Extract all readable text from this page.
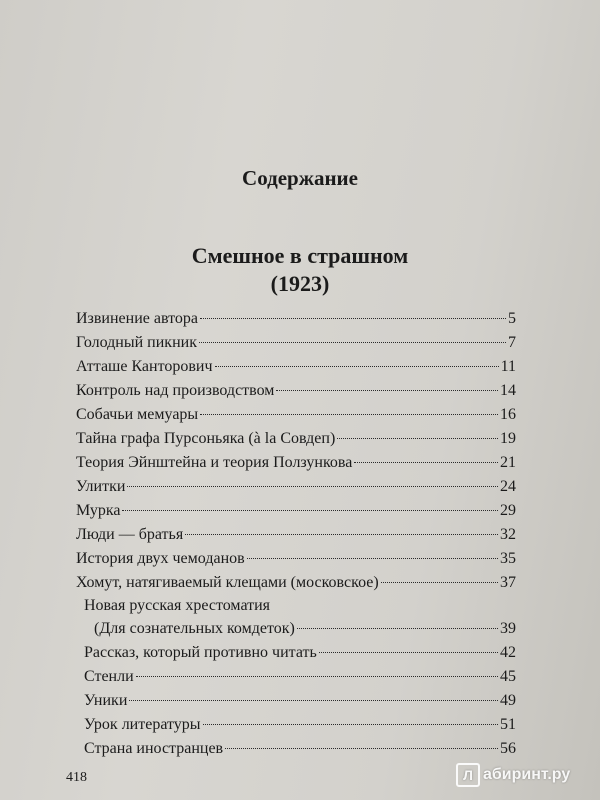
Содержание
Смешное в страшном
(1923)
Извинение автора	5
Голодный пикник	7
Атташе Канторович	11
Контроль над производством	14
Собачьи мемуары	16
Тайна графа Пурсоньяка (à la Совдеп)	19
Теория Эйнштейна и теория Ползункова	21
Улитки	24
Мурка	29
Люди — братья	32
История двух чемоданов	35
Хомут, натягиваемый клещами (московское)	37
Новая русская хрестоматия
(Для сознательных комдеток)	39
Рассказ, который противно читать	42
Стенли	45
Уники	49
Урок литературы	51
Страна иностранцев	56
418	Л абиринт.ру
